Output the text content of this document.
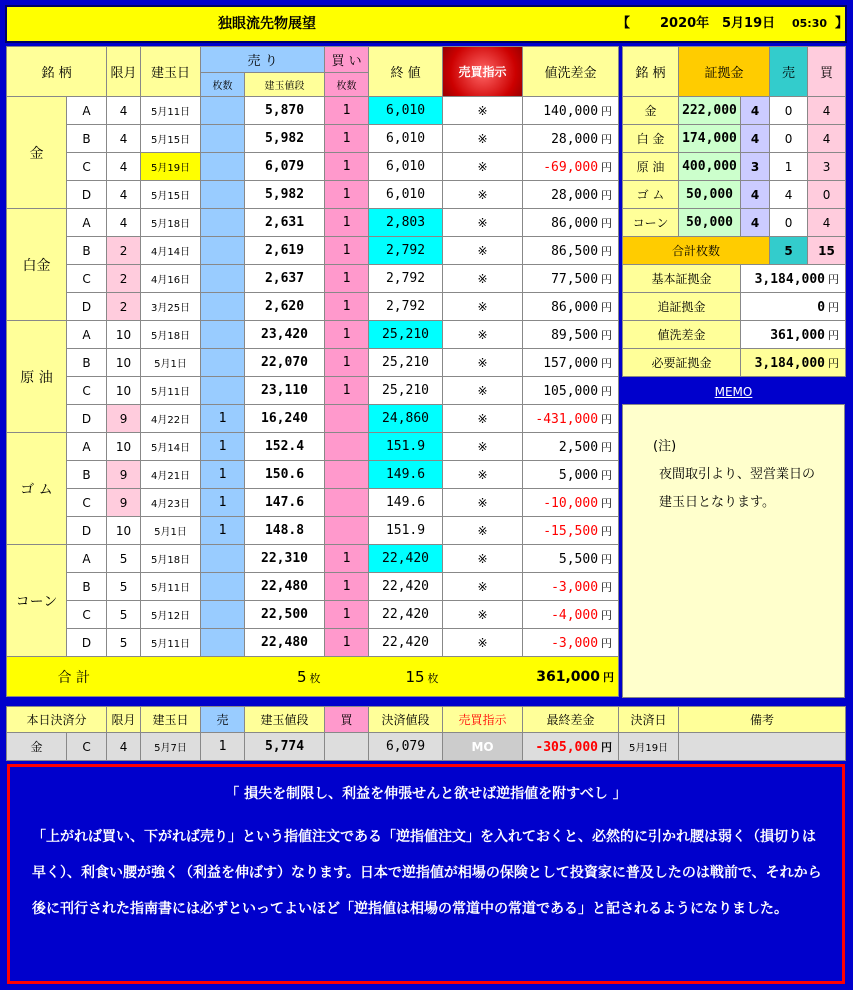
独眼流先物展望	【 2020年 5月19日 05:30 】
銘 柄		限月	建玉日	売 り		買 い	終 値	売買指示	値洗差金
				枚数	建玉値段	枚数			
金	A	4	5月11日		5,870	1	6,010	※	140,000 円
	B	4	5月15日		5,982	1	6,010	※	28,000 円
	C	4	5月19日		6,079	1	6,010	※	-69,000 円
	D	4	5月15日		5,982	1	6,010	※	28,000 円
白金	A	4	5月18日		2,631	1	2,803	※	86,000 円
	B	2	4月14日		2,619	1	2,792	※	86,500 円
	C	2	4月16日		2,637	1	2,792	※	77,500 円
	D	2	3月25日		2,620	1	2,792	※	86,000 円
原 油	A	10	5月18日		23,420	1	25,210	※	89,500 円
	B	10	5月1日		22,070	1	25,210	※	157,000 円
	C	10	5月11日		23,110	1	25,210	※	105,000 円
	D	9	4月22日	1	16,240		24,860	※	-431,000 円
ゴ ム	A	10	5月14日	1	152.4		151.9	※	2,500 円
	B	9	4月21日	1	150.6		149.6	※	5,000 円
	C	9	4月23日	1	147.6		149.6	※	-10,000 円
	D	10	5月1日	1	148.8		151.9	※	-15,500 円
コーン	A	5	5月18日		22,310	1	22,420	※	5,500 円
	B	5	5月11日		22,480	1	22,420	※	-3,000 円
	C	5	5月12日		22,500	1	22,420	※	-4,000 円
	D	5	5月11日		22,480	1	22,420	※	-3,000 円
合 計			5 枚			15 枚		361,000 円	
銘 柄	証拠金		売	買
金	222,000	4	0	4
白 金	174,000	4	0	4
原 油	400,000	3	1	3
ゴ ム	50,000	4	4	0
コーン	50,000	4	0	4
合計枚数			5	15
基本証拠金		3,184,000 円		
追証拠金		0 円		
値洗差金		361,000 円		
必要証拠金		3,184,000 円		
MEMO
(注)
夜間取引より、翌営業日の
建玉日となります。
本日決済分		限月	建玉日	売	建玉値段	買	決済値段	売買指示	最終差金	決済日	備考
金	C	4	5月7日	1	5,774		6,079	MO	-305,000 円	5月19日	
「 損失を制限し、利益を伸張せんと欲せば逆指値を附すべし 」
「上がれば買い、下がれば売り」という指値注文である「逆指値注文」を入れておくと、必然的に引かれ腰は弱く（損切りは早く）、利食い腰が強く（利益を伸ばす）なります。日本で逆指値が相場の保険として投資家に普及したのは戦前で、それから後に刊行された指南書には必ずといってよいほど「逆指値は相場の常道中の常道である」と記されるようになりました。
